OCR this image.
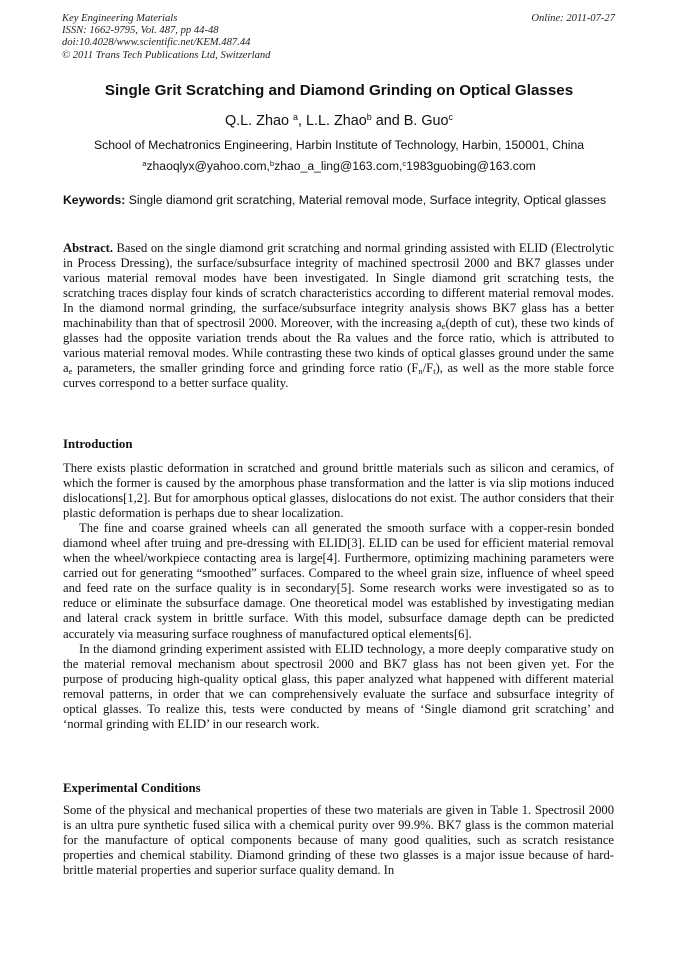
Key Engineering Materials
ISSN: 1662-9795, Vol. 487, pp 44-48
doi:10.4028/www.scientific.net/KEM.487.44
© 2011 Trans Tech Publications Ltd, Switzerland
Online: 2011-07-27
Single Grit Scratching and Diamond Grinding on Optical Glasses
Q.L. Zhao $^a$, L.L. Zhao$^b$ and B. Guo$^c$
School of Mechatronics Engineering, Harbin Institute of Technology, Harbin, 150001, China
$^a$zhaoqlyx@yahoo.com,$^b$zhao_a_ling@163.com,$^c$1983guobing@163.com
Keywords: Single diamond grit scratching, Material removal mode, Surface integrity, Optical glasses

Abstract. Based on the single diamond grit scratching and normal grinding assisted with ELID (Electrolytic in Process Dressing), the surface/subsurface integrity of machined spectrosil 2000 and BK7 glasses under various material removal modes have been investigated. In Single diamond grit scratching tests, the scratching traces display four kinds of scratch characteristics according to different material removal modes. In the diamond normal grinding, the surface/subsurface integrity analysis shows BK7 glass has a better machinability than that of spectrosil 2000. Moreover, with the increasing $a_e(depth$ of cut), these two kinds of glasses had the opposite variation trends about the Ra values and the force ratio, which is attributed to various material removal modes. While contrasting these two kinds of optical glasses ground under the same $a_e$ parameters, the smaller grinding force and grinding force ratio $(F_n/F_t)$, as well as the more stable force curves correspond to a better surface quality.

Introduction

There exists plastic deformation in scratched and ground brittle materials such as silicon and ceramics, of which the former is caused by the amorphous phase transformation and the latter is via slip motions induced dislocations[1,2]. But for amorphous optical glasses, dislocations do not exist. The author considers that their plastic deformation is perhaps due to shear localization.

The fine and coarse grained wheels can all generated the smooth surface with a copper-resin bonded diamond wheel after truing and pre-dressing with ELID[3]. ELID can be used for efficient material removal when the wheel/workpiece contacting area is large[4]. Furthermore, optimizing machining parameters were carried out for generating “smoothed” surfaces. Compared to the wheel grain size, influence of wheel speed and feed rate on the surface quality is in secondary[5]. Some research works were investigated so as to reduce or eliminate the subsurface damage. One theoretical model was established by investigating median and lateral crack system in brittle surface. With this model, subsurface damage depth can be predicted accurately via measuring surface roughness of manufactured optical elements[6].

In the diamond grinding experiment assisted with ELID technology, a more deeply comparative study on the material removal mechanism about spectrosil 2000 and BK7 glass has not been given yet. For the purpose of producing high-quality optical glass, this paper analyzed what happened with different material removal patterns, in order that we can comprehensively evaluate the surface and subsurface integrity of optical glasses. To realize this, tests were conducted by means of ‘Single diamond grit scratching’ and ‘normal grinding with ELID’ in our research work.

Experimental Conditions

Some of the physical and mechanical properties of these two materials are given in Table 1. Spectrosil 2000 is an ultra pure synthetic fused silica with a chemical purity over 99.9%. BK7 glass is the common material for the manufacture of optical components because of many good qualities, such as scratch resistance properties and chemical stability. Diamond grinding of these two glasses is a major issue because of hard-brittle material properties and superior surface quality demand. In
